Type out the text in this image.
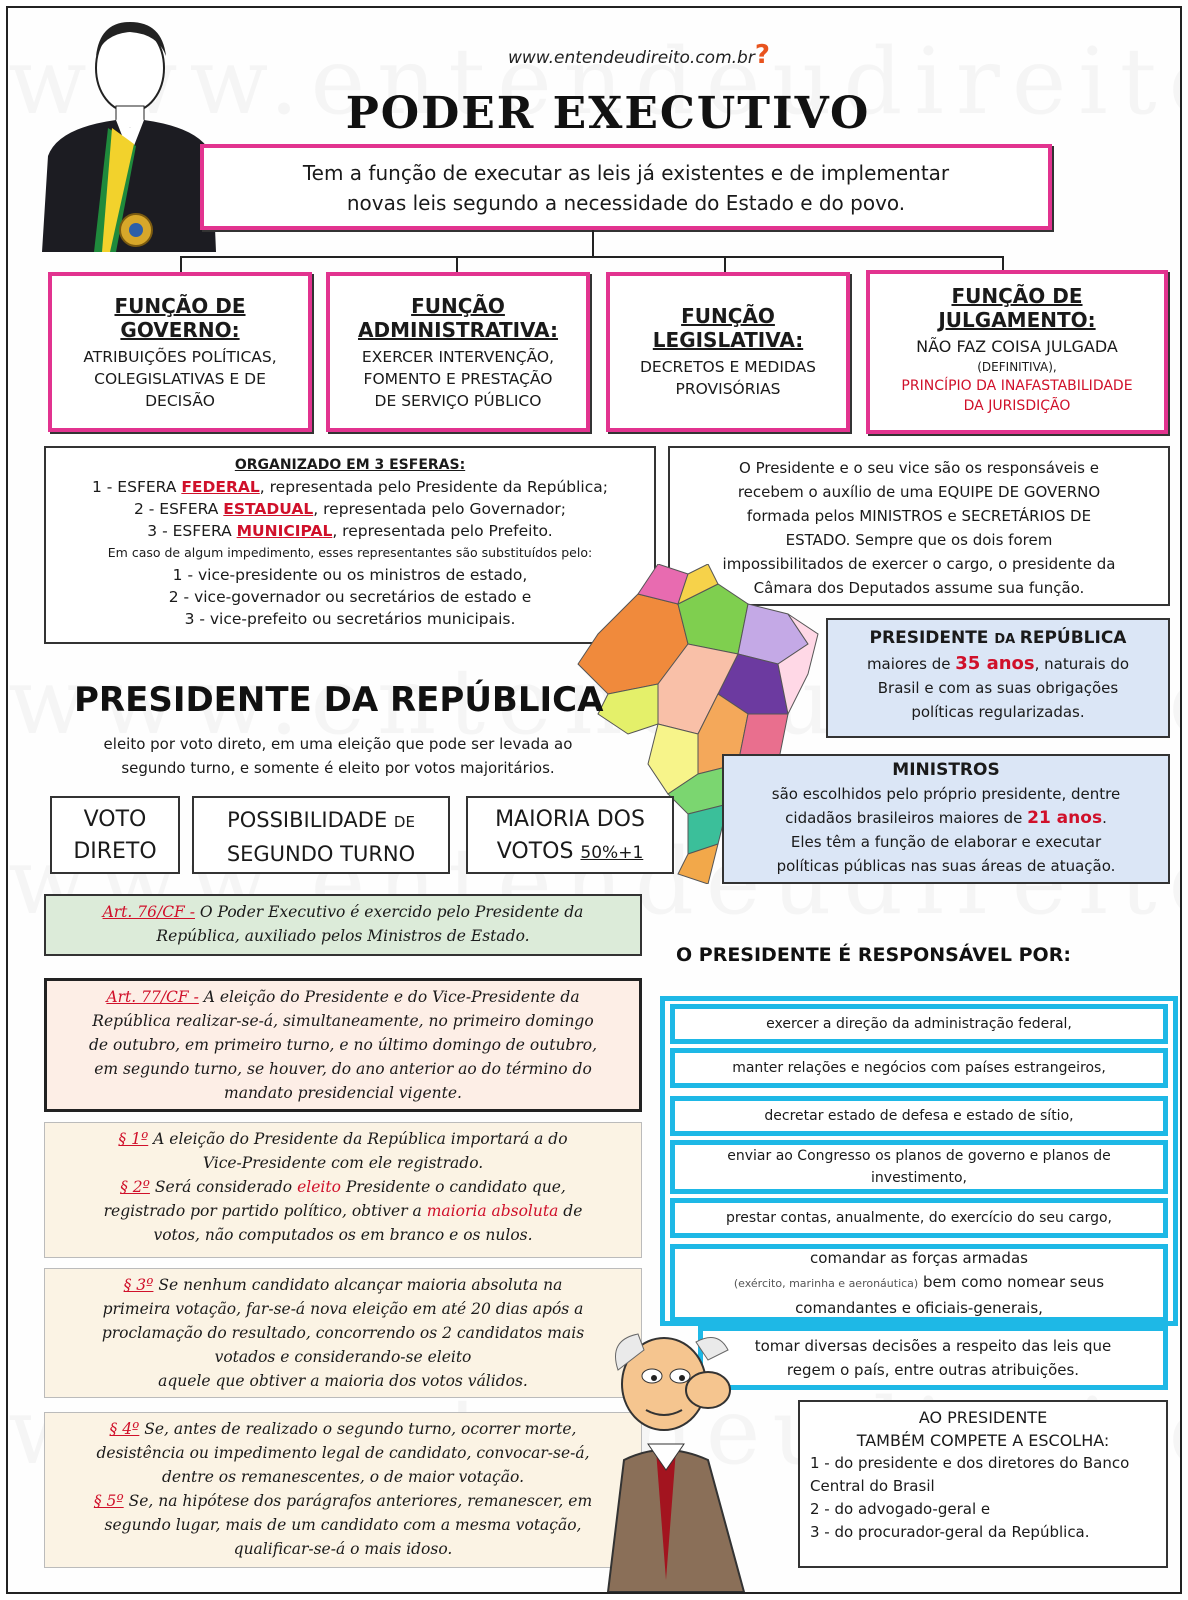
www.entendeudireito.com.br?
PODER EXECUTIVO
Tem a função de executar as leis já existentes e de implementar
novas leis segundo a necessidade do Estado e do povo.
FUNÇÃO DE
GOVERNO:
ATRIBUIÇÕES POLÍTICAS,
COLEGISLATIVAS E DE
DECISÃO
FUNÇÃO
ADMINISTRATIVA:
EXERCER INTERVENÇÃO,
FOMENTO E PRESTAÇÃO
DE SERVIÇO PÚBLICO
FUNÇÃO
LEGISLATIVA:
DECRETOS E MEDIDAS
PROVISÓRIAS
FUNÇÃO DE
JULGAMENTO:
NÃO FAZ COISA JULGADA
(DEFINITIVA),
PRINCÍPIO DA INAFASTABILIDADE
DA JURISDIÇÃO
ORGANIZADO EM 3 ESFERAS:
1 - ESFERA FEDERAL, representada pelo Presidente da República;
2 - ESFERA ESTADUAL, representada pelo Governador;
3 - ESFERA MUNICIPAL, representada pelo Prefeito.
Em caso de algum impedimento, esses representantes são substituídos pelo:
1 - vice-presidente ou os ministros de estado,
2 - vice-governador ou secretários de estado e
3 - vice-prefeito ou secretários municipais.
O Presidente e o seu vice são os responsáveis e
recebem o auxílio de uma EQUIPE DE GOVERNO
formada pelos MINISTROS e SECRETÁRIOS DE
ESTADO. Sempre que os dois forem
impossibilitados de exercer o cargo, o presidente da
Câmara dos Deputados assume sua função.
PRESIDENTE DA REPÚBLICA
maiores de 35 anos, naturais do
Brasil e com as suas obrigações
políticas regularizadas.
PRESIDENTE DA REPÚBLICA
eleito por voto direto, em uma eleição que pode ser levada ao
segundo turno, e somente é eleito por votos majoritários.	MINISTROS
são escolhidos pelo próprio presidente, dentre
cidadãos brasileiros maiores de 21 anos.
Eles têm a função de elaborar e executar
políticas públicas nas suas áreas de atuação.
VOTO
DIRETO
POSSIBILIDADE DE
SEGUNDO TURNO
MAIORIA DOS
VOTOS 50%+1
Art. 76/CF - O Poder Executivo é exercido pelo Presidente da
República, auxiliado pelos Ministros de Estado.
O PRESIDENTE É RESPONSÁVEL POR:
Art. 77/CF - A eleição do Presidente e do Vice-Presidente da
República realizar-se-á, simultaneamente, no primeiro domingo
de outubro, em primeiro turno, e no último domingo de outubro,
em segundo turno, se houver, do ano anterior ao do término do
mandato presidencial vigente.
§ 1º A eleição do Presidente da República importará a do
Vice-Presidente com ele registrado.
§ 2º Será considerado eleito Presidente o candidato que,
registrado por partido político, obtiver a maioria absoluta de
votos, não computados os em branco e os nulos.
§ 3º Se nenhum candidato alcançar maioria absoluta na
primeira votação, far-se-á nova eleição em até 20 dias após a
proclamação do resultado, concorrendo os 2 candidatos mais
votados e considerando-se eleito
aquele que obtiver a maioria dos votos válidos.
§ 4º Se, antes de realizado o segundo turno, ocorrer morte,
desistência ou impedimento legal de candidato, convocar-se-á,
dentre os remanescentes, o de maior votação.
§ 5º Se, na hipótese dos parágrafos anteriores, remanescer, em
segundo lugar, mais de um candidato com a mesma votação,
qualificar-se-á o mais idoso.
exercer a direção da administração federal,
manter relações e negócios com países estrangeiros,
decretar estado de defesa e estado de sítio,
enviar ao Congresso os planos de governo e planos de
investimento,
prestar contas, anualmente, do exercício do seu cargo,
comandar as forças armadas
(exército, marinha e aeronáutica) bem como nomear seus
comandantes e oficiais-generais,
tomar diversas decisões a respeito das leis que
regem o país, entre outras atribuições.
AO PRESIDENTE
TAMBÉM COMPETE A ESCOLHA:
1 - do presidente e dos diretores do Banco
Central do Brasil
2 - do advogado-geral e
3 - do procurador-geral da República.
